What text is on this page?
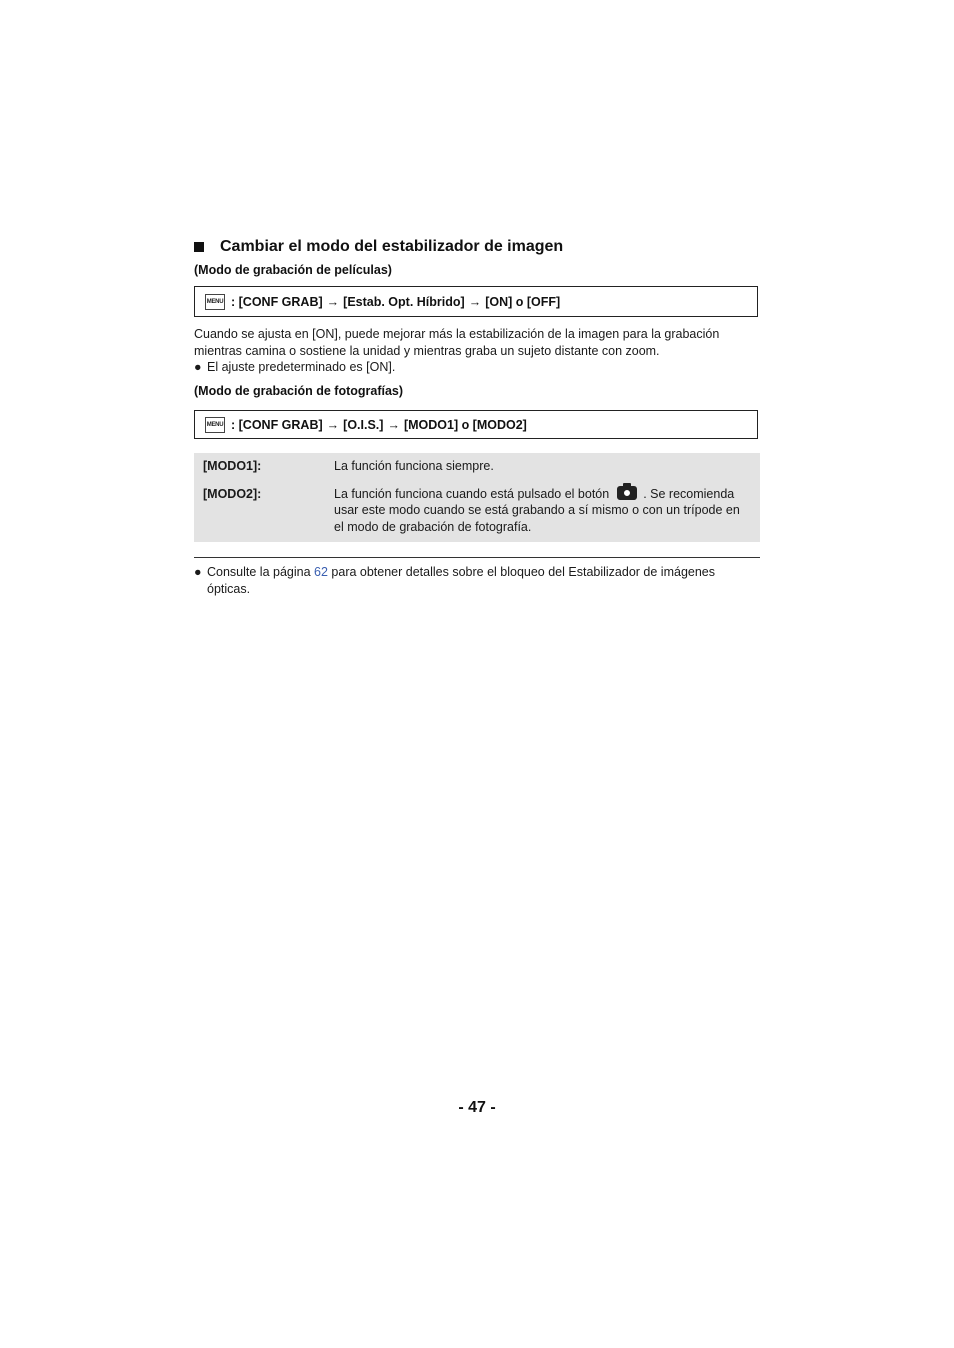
Cambiar el modo del estabilizador de imagen
(Modo de grabación de películas)
MENU : [CONF GRAB] → [Estab. Opt. Híbrido] → [ON] o [OFF]
Cuando se ajusta en [ON], puede mejorar más la estabilización de la imagen para la grabación
mientras camina o sostiene la unidad y mientras graba un sujeto distante con zoom.
● El ajuste predeterminado es [ON].
(Modo de grabación de fotografías)
MENU : [CONF GRAB] → [O.I.S.] → [MODO1] o [MODO2]
[MODO1]:	La función funciona siempre.
[MODO2]:	La función funciona cuando está pulsado el botón	. Se recomienda usar este modo cuando se está grabando a sí mismo o con un trípode en el modo de grabación de fotografía.
● Consulte la página 62 para obtener detalles sobre el bloqueo del Estabilizador de imágenes ópticas.
- 47 -
